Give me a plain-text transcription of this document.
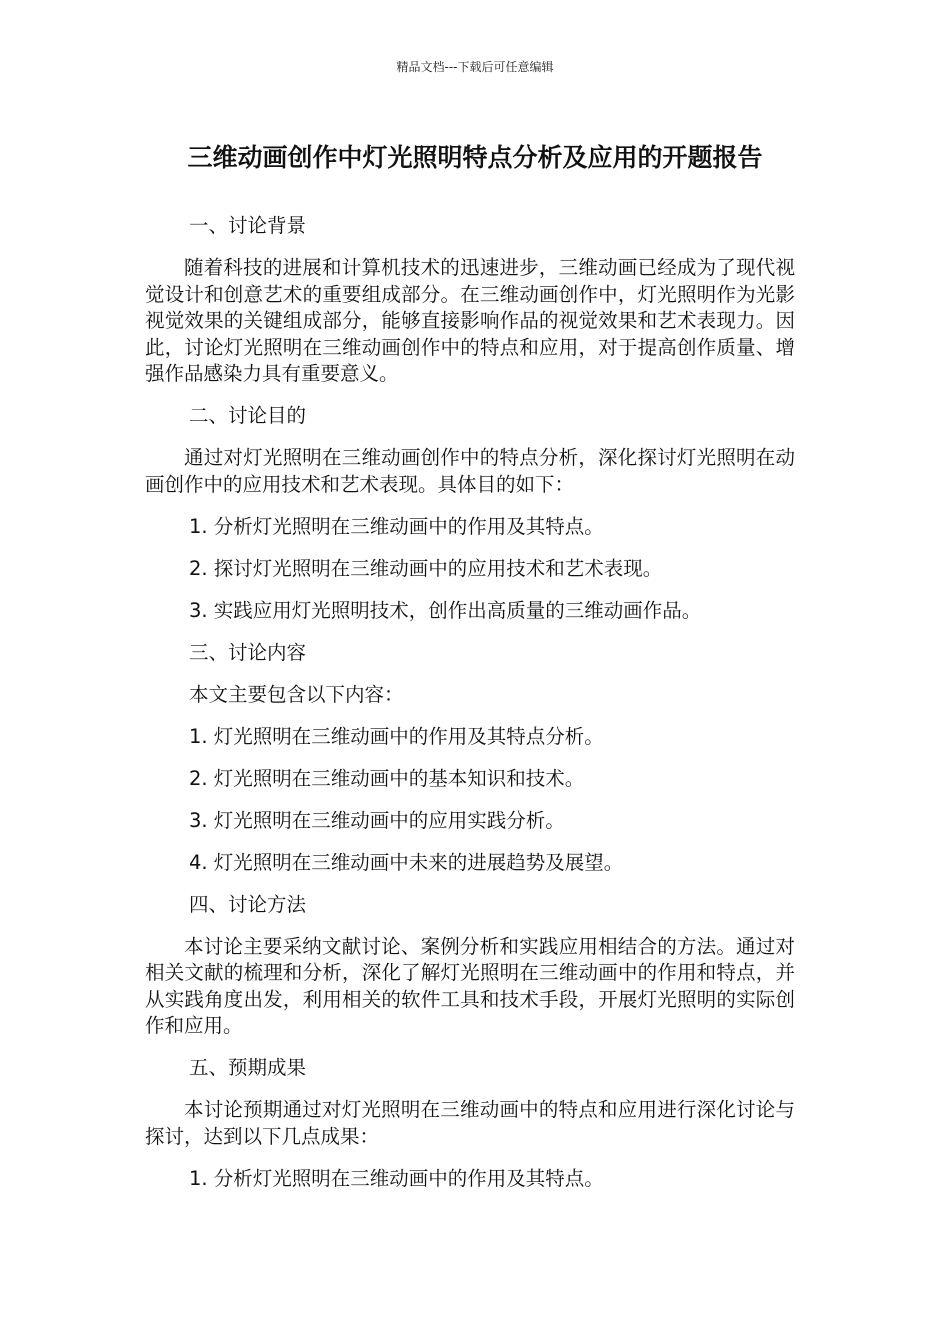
精品文档---下载后可任意编辑
三维动画创作中灯光照明特点分析及应用的开题报告
一、讨论背景
随着科技的进展和计算机技术的迅速进步，三维动画已经成为了现代视觉设计和创意艺术的重要组成部分。在三维动画创作中，灯光照明作为光影视觉效果的关键组成部分，能够直接影响作品的视觉效果和艺术表现力。因此，讨论灯光照明在三维动画创作中的特点和应用，对于提高创作质量、增强作品感染力具有重要意义。
二、讨论目的
通过对灯光照明在三维动画创作中的特点分析，深化探讨灯光照明在动画创作中的应用技术和艺术表现。具体目的如下：
1. 分析灯光照明在三维动画中的作用及其特点。
2. 探讨灯光照明在三维动画中的应用技术和艺术表现。
3. 实践应用灯光照明技术，创作出高质量的三维动画作品。
三、讨论内容
本文主要包含以下内容：
1. 灯光照明在三维动画中的作用及其特点分析。
2. 灯光照明在三维动画中的基本知识和技术。
3. 灯光照明在三维动画中的应用实践分析。
4. 灯光照明在三维动画中未来的进展趋势及展望。
四、讨论方法
本讨论主要采纳文献讨论、案例分析和实践应用相结合的方法。通过对相关文献的梳理和分析，深化了解灯光照明在三维动画中的作用和特点，并从实践角度出发，利用相关的软件工具和技术手段，开展灯光照明的实际创作和应用。
五、预期成果
本讨论预期通过对灯光照明在三维动画中的特点和应用进行深化讨论与探讨，达到以下几点成果：
1. 分析灯光照明在三维动画中的作用及其特点。
